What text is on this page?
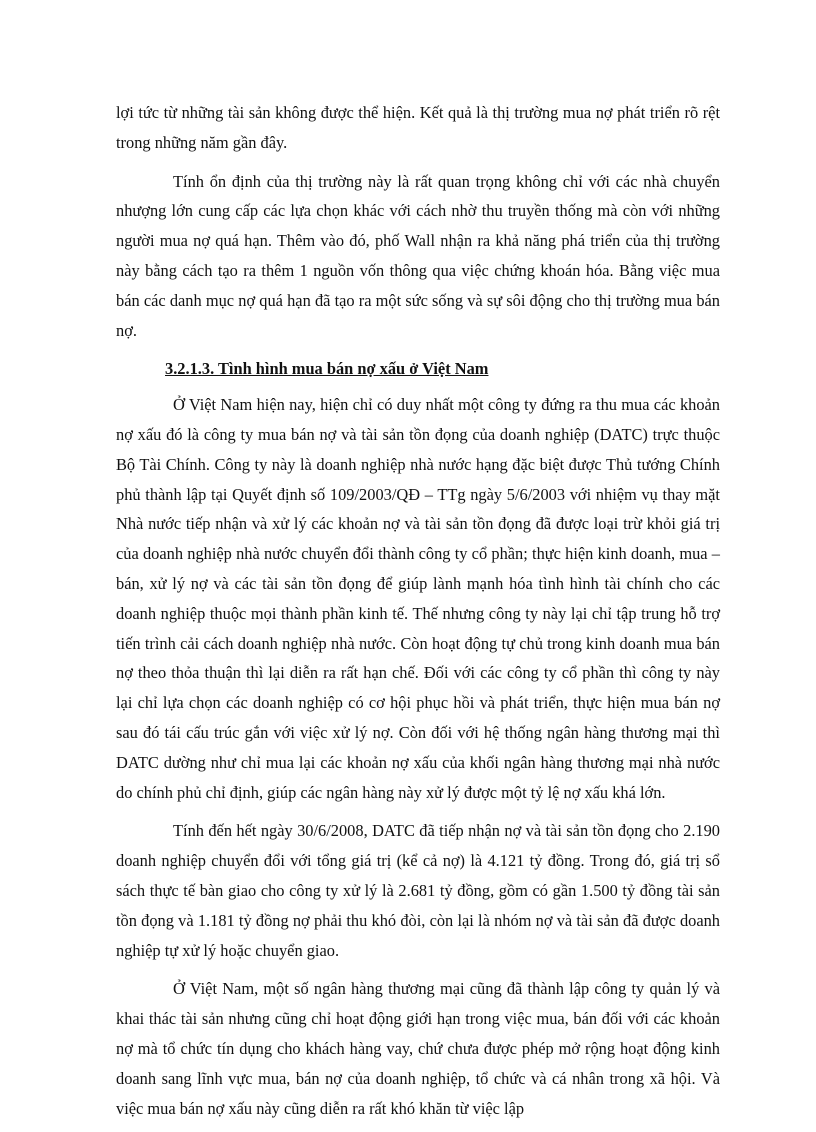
lợi tức từ những tài sản không được thể hiện. Kết quả là thị trường mua nợ phát triển rõ rệt trong những năm gần đây.

Tính ổn định của thị trường này là rất quan trọng không chỉ với các nhà chuyển nhượng lớn cung cấp các lựa chọn khác với cách nhờ thu truyền thống mà còn với những người mua nợ quá hạn. Thêm vào đó, phố Wall nhận ra khả năng phá triển của thị trường này bằng cách tạo ra thêm 1 nguồn vốn thông qua việc chứng khoán hóa. Bằng việc mua bán các danh mục nợ quá hạn đã tạo ra một sức sống và sự sôi động cho thị trường mua bán nợ.

3.2.1.3. Tình hình mua bán nợ xấu ở Việt Nam

Ở Việt Nam hiện nay, hiện chỉ có duy nhất một công ty đứng ra thu mua các khoản nợ xấu đó là công ty mua bán nợ và tài sản tồn đọng của doanh nghiệp (DATC) trực thuộc Bộ Tài Chính. Công ty này là doanh nghiệp nhà nước hạng đặc biệt được Thủ tướng Chính phủ thành lập tại Quyết định số 109/2003/QĐ – TTg ngày 5/6/2003 với nhiệm vụ thay mặt Nhà nước tiếp nhận và xử lý các khoản nợ và tài sản tồn đọng đã được loại trừ khỏi giá trị của doanh nghiệp nhà nước chuyển đổi thành công ty cổ phần; thực hiện kinh doanh, mua – bán, xử lý nợ và các tài sản tồn đọng để giúp lành mạnh hóa tình hình tài chính cho các doanh nghiệp thuộc mọi thành phần kinh tế. Thế nhưng công ty này lại chỉ tập trung hỗ trợ tiến trình cải cách doanh nghiệp nhà nước. Còn hoạt động tự chủ trong kinh doanh mua bán nợ theo thỏa thuận thì lại diễn ra rất hạn chế. Đối với các công ty cổ phần thì công ty này lại chỉ lựa chọn các doanh nghiệp có cơ hội phục hồi và phát triển, thực hiện mua bán nợ sau đó tái cấu trúc gắn với việc xử lý nợ. Còn đối với hệ thống ngân hàng thương mại thì DATC dường như chỉ mua lại các khoản nợ xấu của khối ngân hàng thương mại nhà nước do chính phủ chỉ định, giúp các ngân hàng này xử lý được một tỷ lệ nợ xấu khá lớn.

Tính đến hết ngày 30/6/2008, DATC đã tiếp nhận nợ và tài sản tồn đọng cho 2.190 doanh nghiệp chuyển đổi với tổng giá trị (kể cả nợ) là 4.121 tỷ đồng. Trong đó, giá trị sổ sách thực tế bàn giao cho công ty xử lý là 2.681 tỷ đồng, gồm có gần 1.500 tỷ đồng tài sản tồn đọng và 1.181 tỷ đồng nợ phải thu khó đòi, còn lại là nhóm nợ và tài sản đã được doanh nghiệp tự xử lý hoặc chuyển giao.

Ở Việt Nam, một số ngân hàng thương mại cũng đã thành lập công ty quản lý và khai thác tài sản nhưng cũng chỉ hoạt động giới hạn trong việc mua, bán đối với các khoản nợ mà tổ chức tín dụng cho khách hàng vay, chứ chưa được phép mở rộng hoạt động kinh doanh sang lĩnh vực mua, bán nợ của doanh nghiệp, tổ chức và cá nhân trong xã hội. Và việc mua bán nợ xấu này cũng diễn ra rất khó khăn từ việc lập
